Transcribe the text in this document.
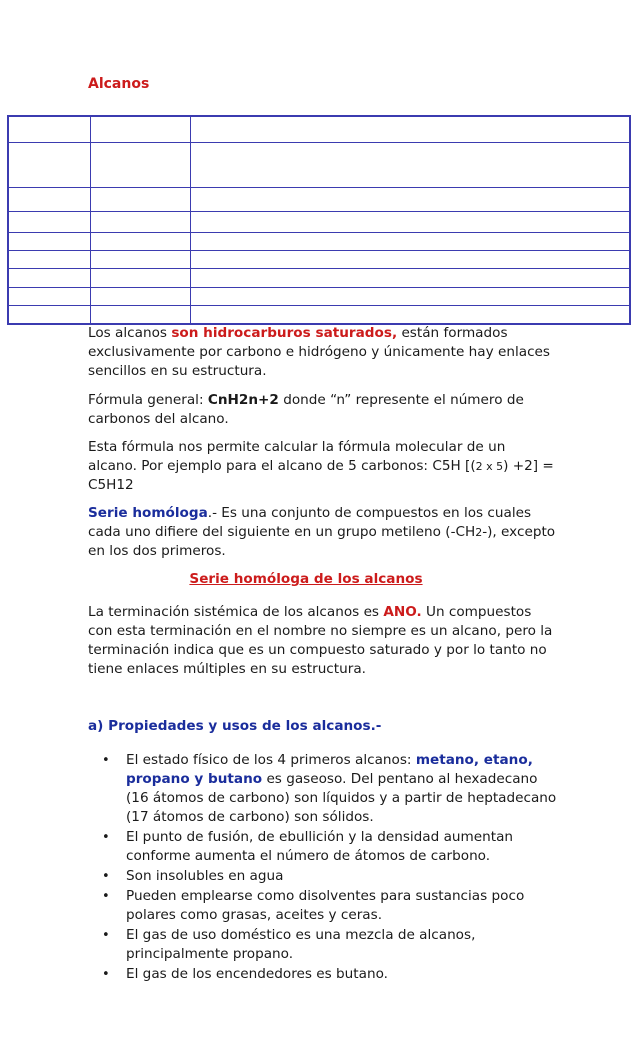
Alcanos

Los alcanos son hidrocarburos saturados, están formados exclusivamente por carbono e hidrógeno y únicamente hay enlaces sencillos en su estructura.

Fórmula general: CnH2n+2 donde “n” represente el número de carbonos del alcano.

Esta fórmula nos permite calcular la fórmula molecular de un alcano. Por ejemplo para el alcano de 5 carbonos: C5H [(2 x 5) +2] = C5H12

Serie homóloga.- Es una conjunto de compuestos en los cuales cada uno difiere del siguiente en un grupo metileno (-CH2-), excepto en los dos primeros.

Serie homóloga de los alcanos

La terminación sistémica de los alcanos es ANO. Un compuestos con esta terminación en el nombre no siempre es un alcano, pero la terminación indica que es un compuesto saturado y por lo tanto no tiene enlaces múltiples en su estructura.

a) Propiedades y usos de los alcanos.-

• El estado físico de los 4 primeros alcanos: metano, etano, propano y butano es gaseoso. Del pentano al hexadecano (16 átomos de carbono) son líquidos y a partir de heptadecano (17 átomos de carbono) son sólidos.
• El punto de fusión, de ebullición y la densidad aumentan conforme aumenta el número de átomos de carbono.
• Son insolubles en agua
• Pueden emplearse como disolventes para sustancias poco polares como grasas, aceites y ceras.
• El gas de uso doméstico es una mezcla de alcanos, principalmente propano.
• El gas de los encendedores es butano.
